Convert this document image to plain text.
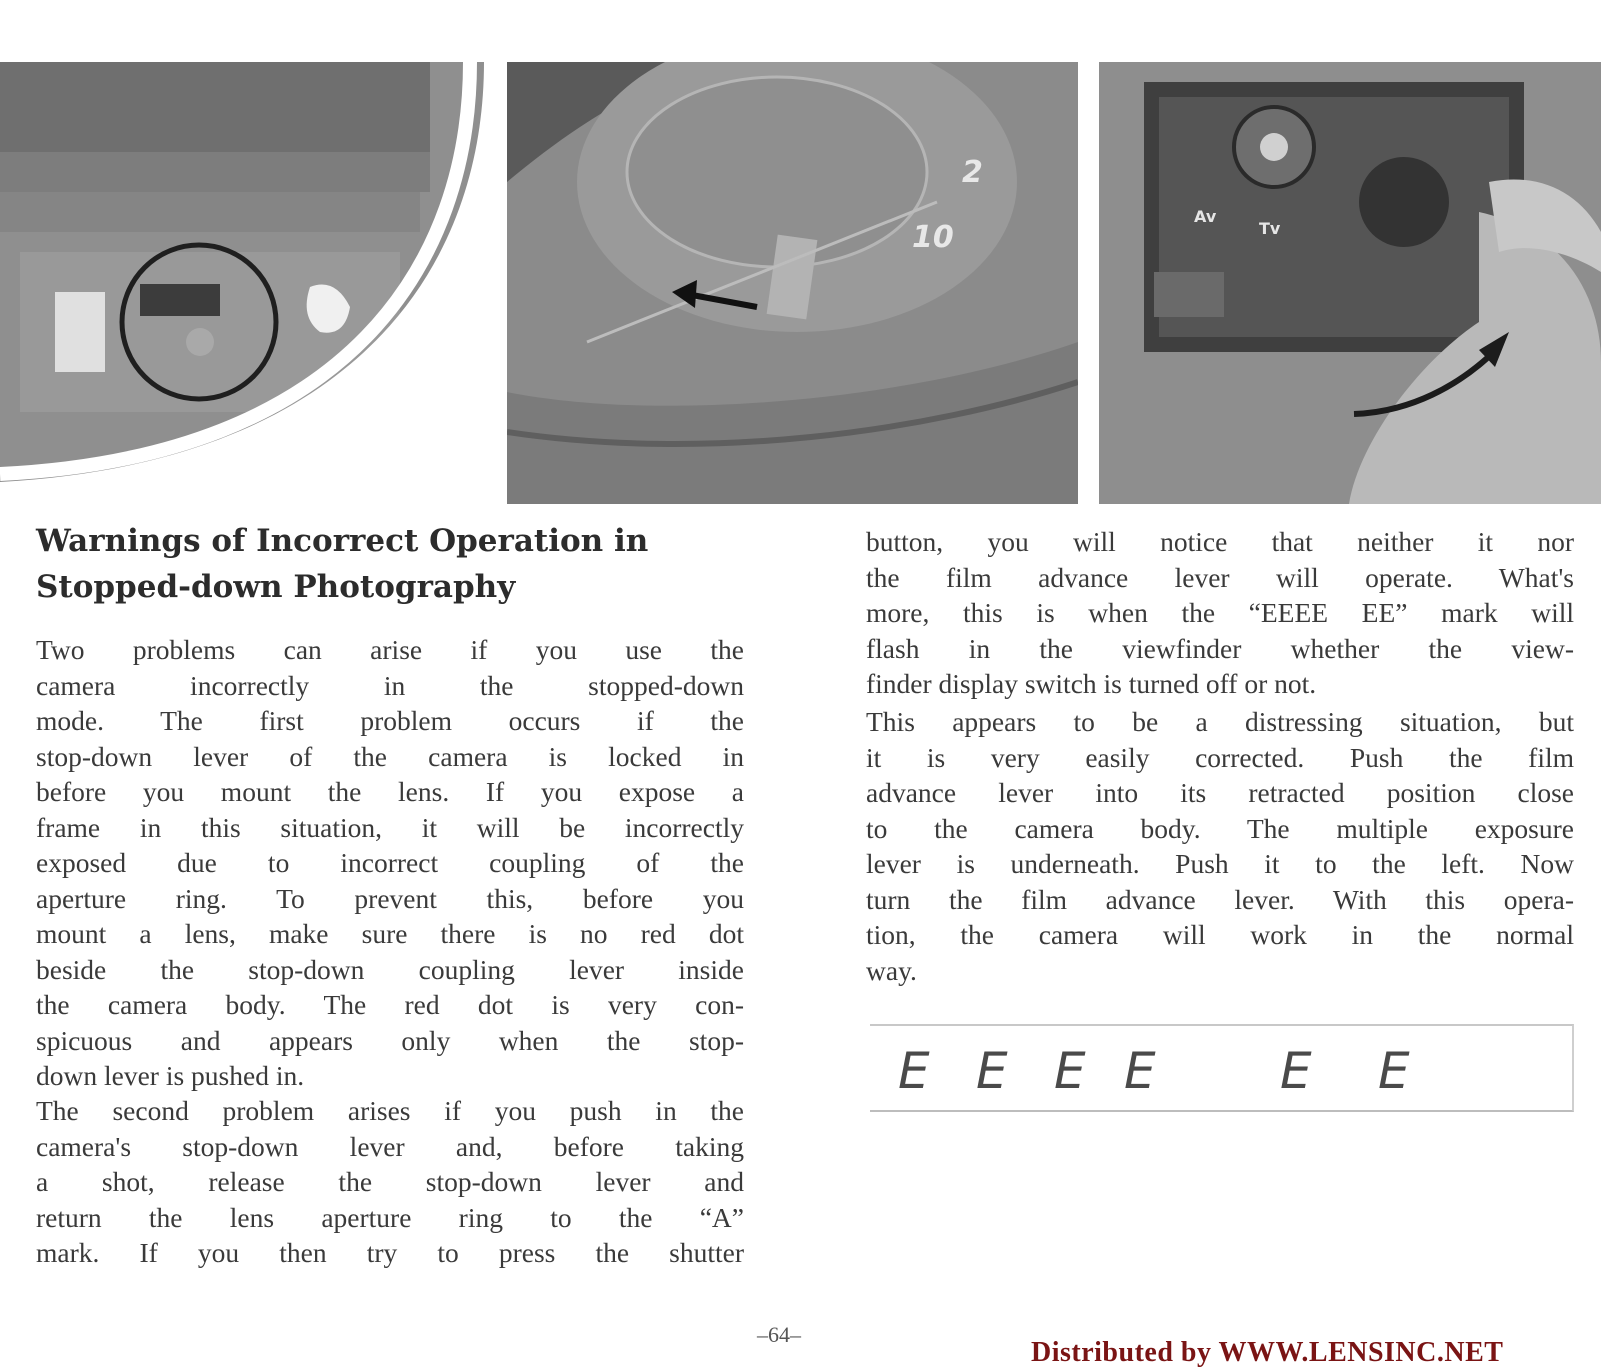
2
10
Av
Tv
Warnings of Incorrect Operation in
Stopped-down Photography
Two problems can arise if you use the
camera incorrectly in the stopped-down
mode. The first problem occurs if the
stop-down lever of the camera is locked in
before you mount the lens. If you expose a
frame in this situation, it will be incorrectly
exposed due to incorrect coupling of the
aperture ring. To prevent this, before you
mount a lens, make sure there is no red dot
beside the stop-down coupling lever inside
the camera body. The red dot is very con-
spicuous and appears only when the stop-
down lever is pushed in.
The second problem arises if you push in the
camera's stop-down lever and, before taking
a shot, release the stop-down lever and
return the lens aperture ring to the “A”
mark. If you then try to press the shutter
button, you will notice that neither it nor
the film advance lever will operate. What's
more, this is when the “EEEE EE” mark will
flash in the viewfinder whether the view-
finder display switch is turned off or not.
This appears to be a distressing situation, but
it is very easily corrected. Push the film
advance lever into its retracted position close
to the camera body. The multiple exposure
lever is underneath. Push it to the left. Now
turn the film advance lever. With this opera-
tion, the camera will work in the normal
way.
E E E E E E
–64–
Distributed by WWW.LENSINC.NET
